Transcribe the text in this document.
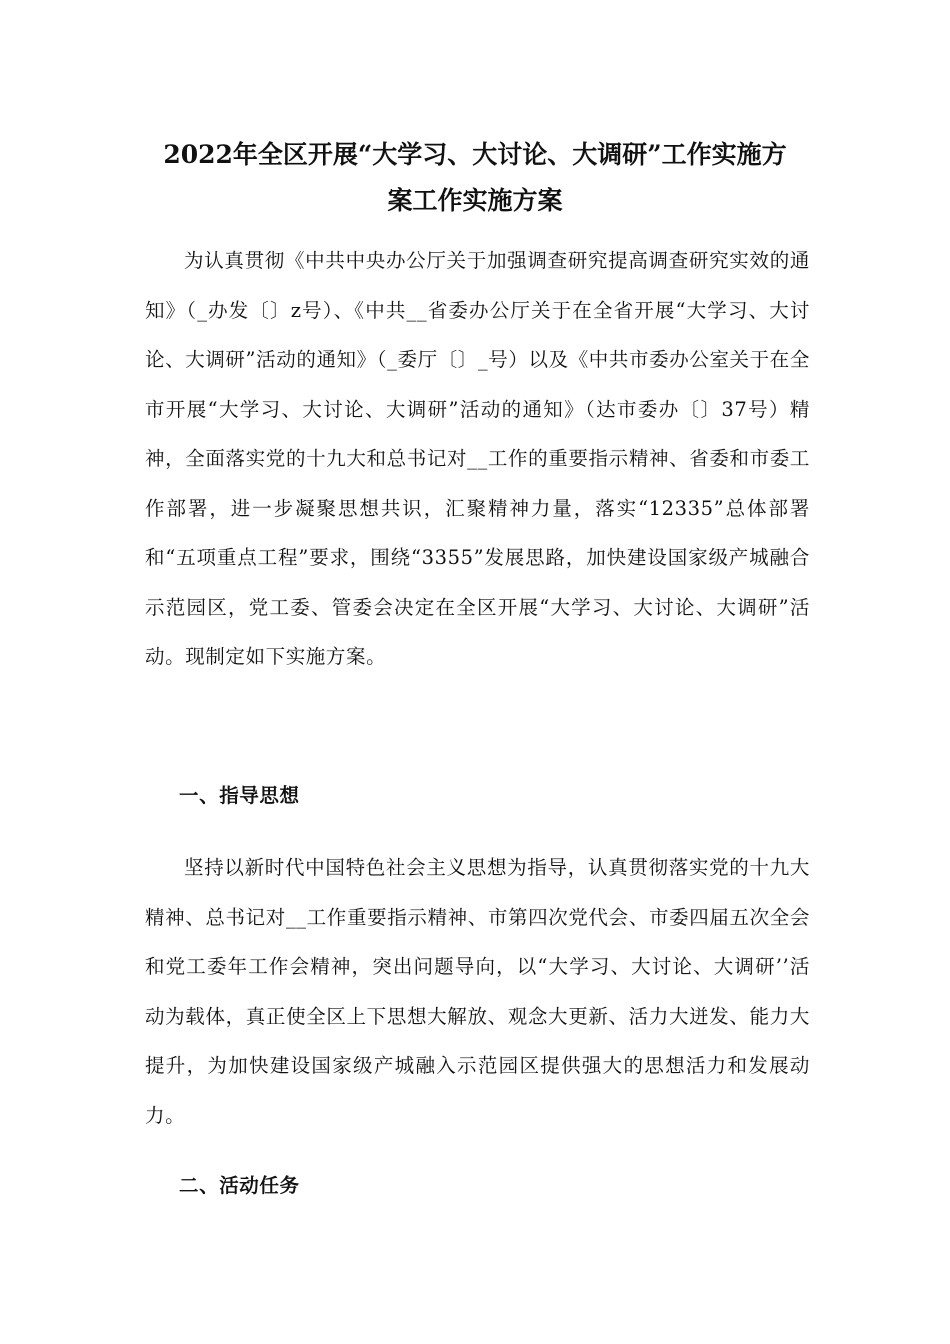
2022年全区开展“大学习、大讨论、大调研”工作实施方
案工作实施方案

为认真贯彻《中共中央办公厅关于加强调查研究提高调查研究实效的通知》（_办发〔〕z号）、《中共__省委办公厅关于在全省开展“大学习、大讨论、大调研”活动的通知》（_委厅〔〕_号）以及《中共市委办公室关于在全市开展“大学习、大讨论、大调研”活动的通知》（达市委办〔〕37号）精神，全面落实党的十九大和总书记对__工作的重要指示精神、省委和市委工作部署，进一步凝聚思想共识，汇聚精神力量，落实“12335”总体部署和“五项重点工程”要求，围绕“3355”发展思路，加快建设国家级产城融合示范园区，党工委、管委会决定在全区开展“大学习、大讨论、大调研”活动。现制定如下实施方案。

一、指导思想

坚持以新时代中国特色社会主义思想为指导，认真贯彻落实党的十九大精神、总书记对__工作重要指示精神、市第四次党代会、市委四届五次全会和党工委年工作会精神，突出问题导向，以“大学习、大讨论、大调研’’活动为载体，真正使全区上下思想大解放、观念大更新、活力大迸发、能力大提升，为加快建设国家级产城融入示范园区提供强大的思想活力和发展动力。

二、活动任务
